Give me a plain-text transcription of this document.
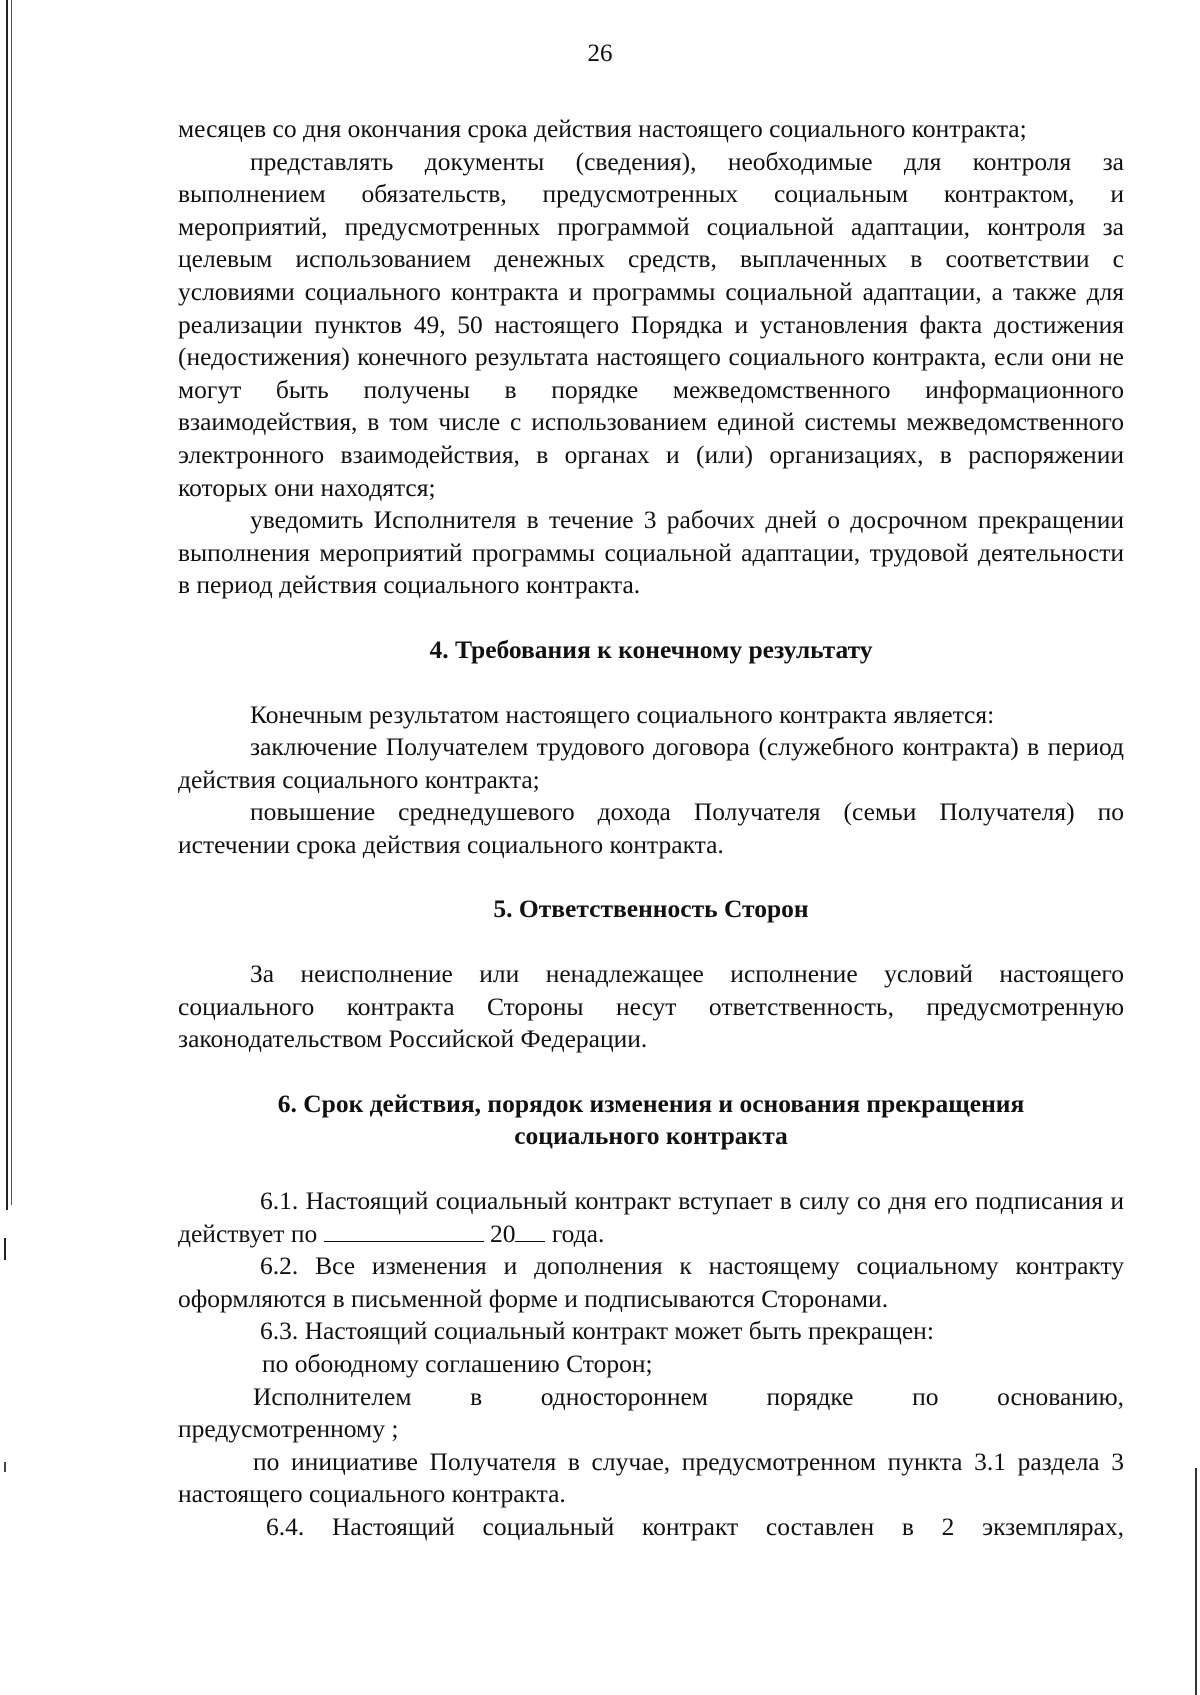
26

месяцев со дня окончания срока действия настоящего социального контракта;

представлять документы (сведения), необходимые для контроля за выполнением обязательств, предусмотренных социальным контрактом, и мероприятий, предусмотренных программой социальной адаптации, контроля за целевым использованием денежных средств, выплаченных в соответствии с условиями социального контракта и программы социальной адаптации, а также для реализации пунктов 49, 50 настоящего Порядка и установления факта достижения (недостижения) конечного результата настоящего социального контракта, если они не могут быть получены в порядке межведомственного информационного взаимодействия, в том числе с использованием единой системы межведомственного электронного взаимодействия, в органах и (или) организациях, в распоряжении которых они находятся;

уведомить Исполнителя в течение 3 рабочих дней о досрочном прекращении выполнения мероприятий программы социальной адаптации, трудовой деятельности в период действия социального контракта.

4. Требования к конечному результату

Конечным результатом настоящего социального контракта является:

заключение Получателем трудового договора (служебного контракта) в период действия социального контракта;

повышение среднедушевого дохода Получателя (семьи Получателя) по истечении срока действия социального контракта.

5. Ответственность Сторон

За неисполнение или ненадлежащее исполнение условий настоящего социального контракта Стороны несут ответственность, предусмотренную законодательством Российской Федерации.

6. Срок действия, порядок изменения и основания прекращения
социального контракта

6.1. Настоящий социальный контракт вступает в силу со дня его подписания и действует по	20 года.

6.2. Все изменения и дополнения к настоящему социальному контракту оформляются в письменной форме и подписываются Сторонами.

6.3. Настоящий социальный контракт может быть прекращен:

по обоюдному соглашению Сторон;

Исполнителем в одностороннем порядке по основанию,

предусмотренному ;

по инициативе Получателя в случае, предусмотренном пункта 3.1 раздела 3 настоящего социального контракта.

6.4. Настоящий социальный контракт составлен в 2 экземплярах,
